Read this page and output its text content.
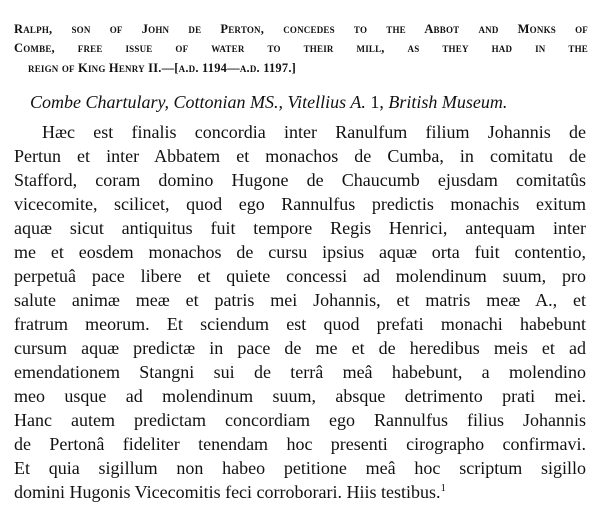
Ralph, son of John de Perton, concedes to the Abbot and Monks of
Combe, free issue of water to their mill, as they had in the
reign of King Henry II.—[a.d. 1194—a.d. 1197.]
Combe Chartulary, Cottonian MS., Vitellius A. 1, British Museum.
Hæc est finalis concordia inter Ranulfum filium Johannis de
Pertun et inter Abbatem et monachos de Cumba, in comitatu de
Stafford, coram domino Hugone de Chaucumb ejusdam comitatûs
vicecomite, scilicet, quod ego Rannulfus predictis monachis exitum
aquæ sicut antiquitus fuit tempore Regis Henrici, antequam inter
me et eosdem monachos de cursu ipsius aquæ orta fuit contentio,
perpetuâ pace libere et quiete concessi ad molendinum suum, pro
salute animæ meæ et patris mei Johannis, et matris meæ A., et
fratrum meorum. Et sciendum est quod prefati monachi habebunt
cursum aquæ predictæ in pace de me et de heredibus meis et ad
emendationem Stangni sui de terrâ meâ habebunt, a molendino
meo usque ad molendinum suum, absque detrimento prati mei.
Hanc autem predictam concordiam ego Rannulfus filius Johannis
de Pertonâ fideliter tenendam hoc presenti cirographo confirmavi.
Et quia sigillum non habeo petitione meâ hoc scriptum sigillo
domini Hugonis Vicecomitis feci corroborari. Hiis testibus.$^1$
